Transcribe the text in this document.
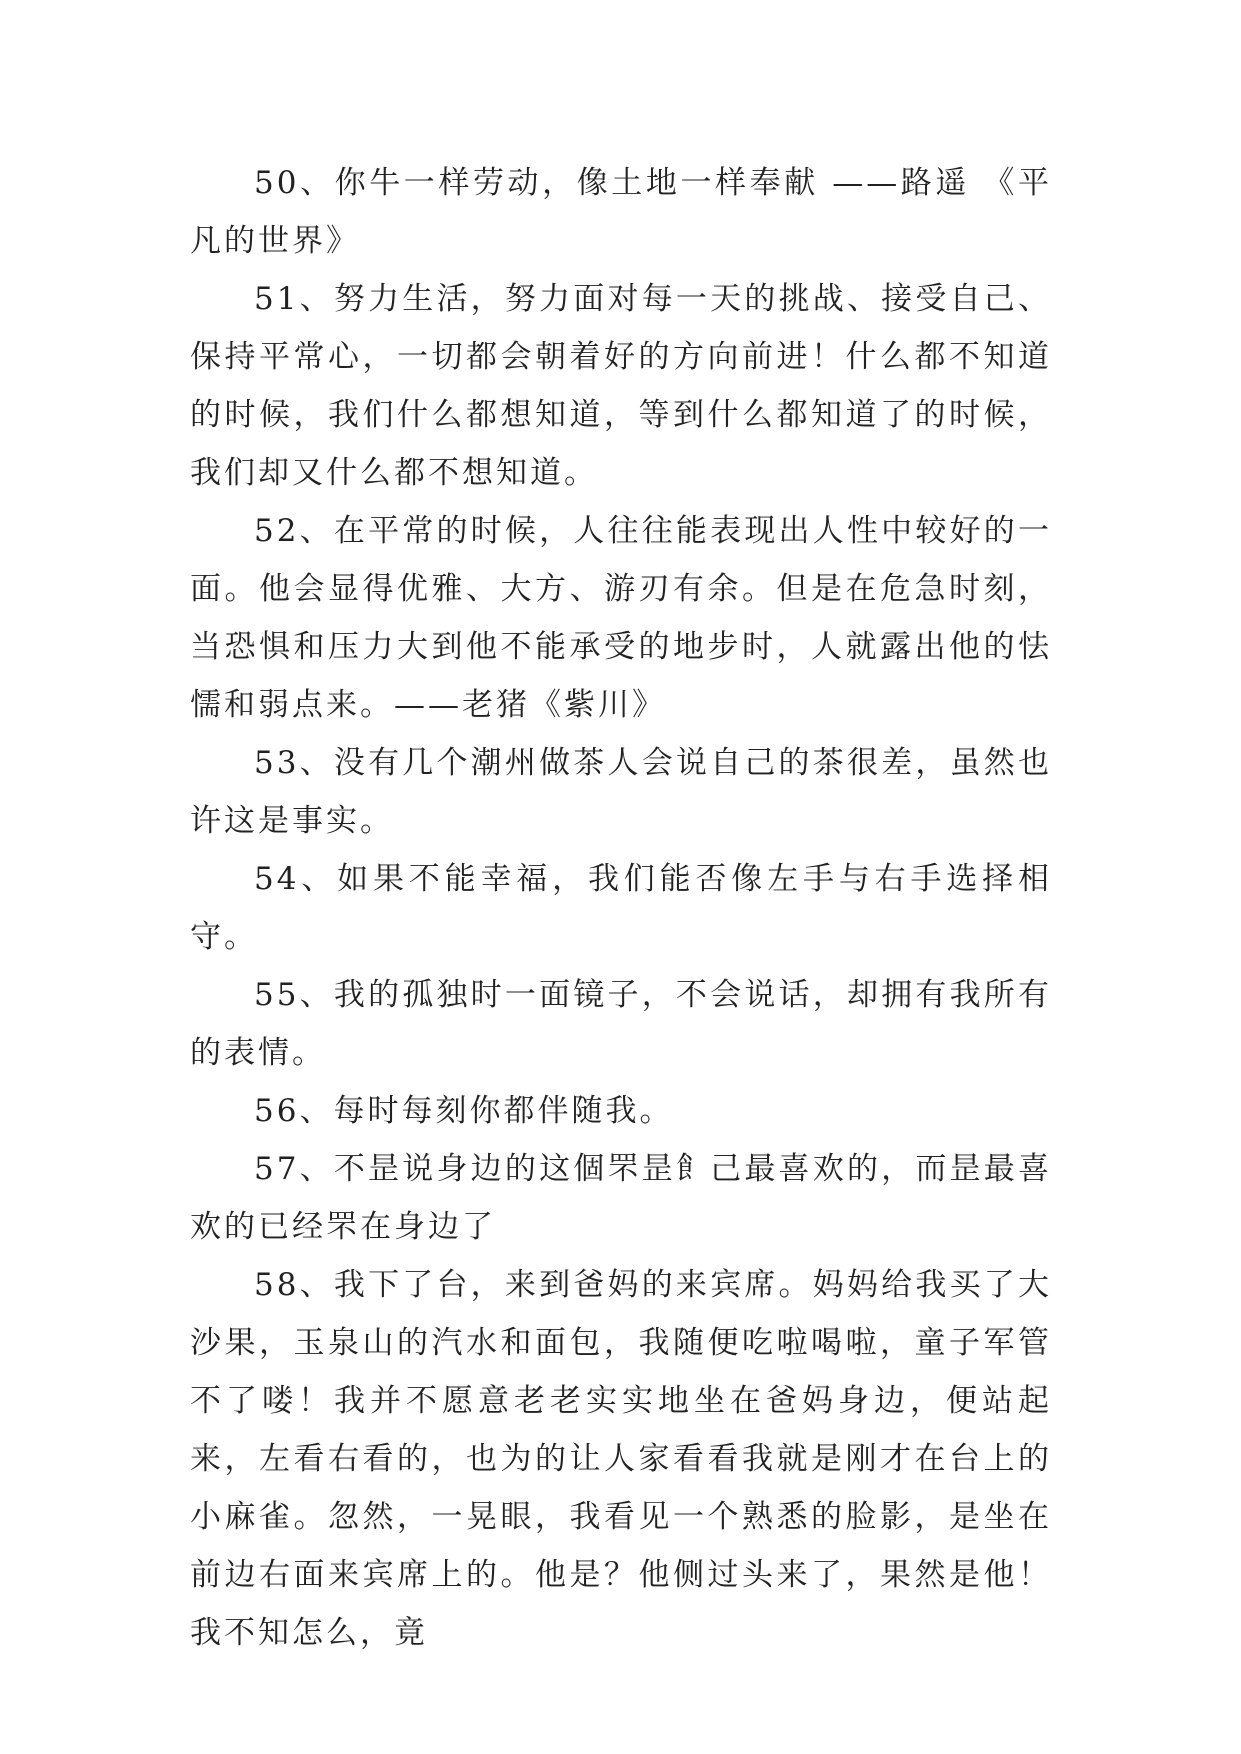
50、你牛一样劳动，像土地一样奉献 ——路遥 《平凡的世界》

51、努力生活，努力面对每一天的挑战、接受自己、保持平常心，一切都会朝着好的方向前进！什么都不知道的时候，我们什么都想知道，等到什么都知道了的时候，我们却又什么都不想知道。

52、在平常的时候，人往往能表现出人性中较好的一面。他会显得优雅、大方、游刃有余。但是在危急时刻，当恐惧和压力大到他不能承受的地步时，人就露出他的怯懦和弱点来。——老猪《紫川》

53、没有几个潮州做茶人会说自己的茶很差，虽然也许这是事实。

54、如果不能幸福，我们能否像左手与右手选择相守。

55、我的孤独时一面镜子，不会说话，却拥有我所有的表情。

56、每时每刻你都伴随我。

57、不昰说身边的这個罘昰飠己最喜欢的，而昰最喜欢的已经罘在身边了

58、我下了台，来到爸妈的来宾席。妈妈给我买了大沙果，玉泉山的汽水和面包，我随便吃啦喝啦，童子军管不了喽！我并不愿意老老实实地坐在爸妈身边，便站起来，左看右看的，也为的让人家看看我就是刚才在台上的小麻雀。忽然，一晃眼，我看见一个熟悉的脸影，是坐在前边右面来宾席上的。他是？他侧过头来了，果然是他！我不知怎么，竟
